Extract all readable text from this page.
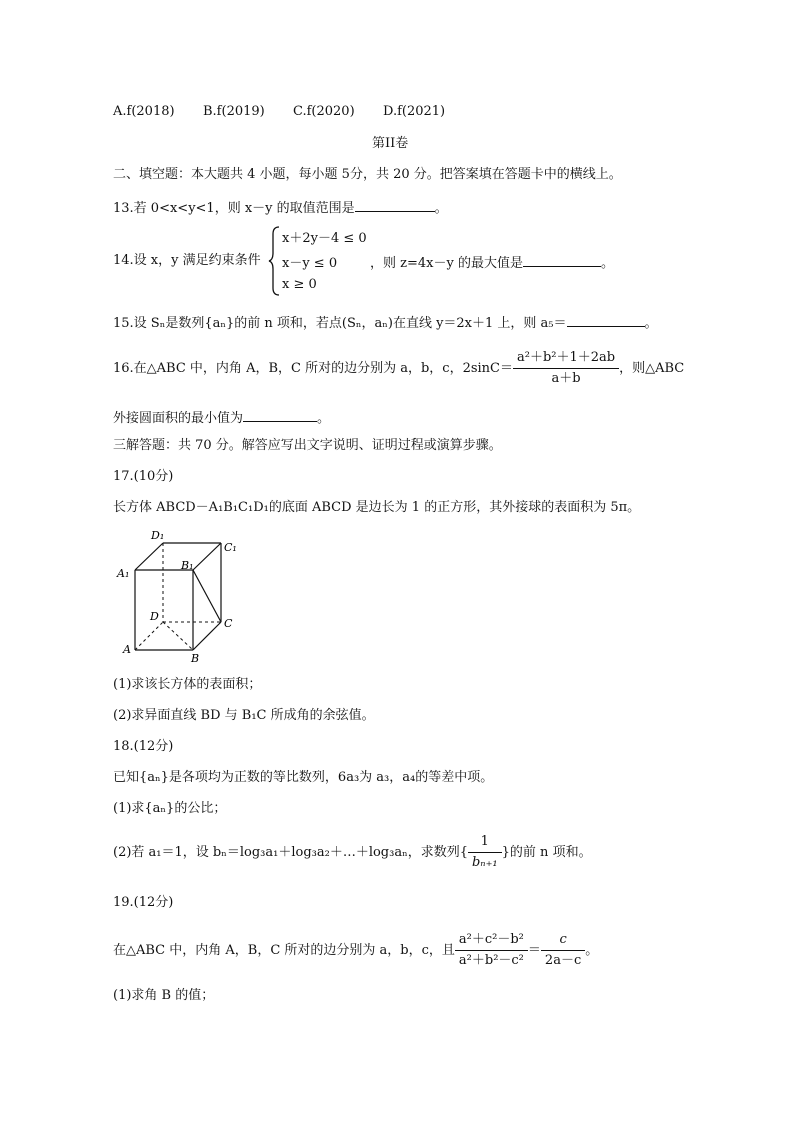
A.f(2018) B.f(2019) C.f(2020) D.f(2021)
第II卷
二、填空题：本大题共 4 小题，每小题 5分，共 20 分。把答案填在答题卡中的横线上。
13.若 0<x<y<1，则 x－y 的取值范围是	。
14.设 x，y 满足约束条件
x＋2y－4 ≤ 0
x－y ≤ 0
x ≥ 0
，则 z=4x－y 的最大值是	。
15.设 Sₙ是数列{aₙ}的前 n 项和，若点(Sₙ，aₙ)在直线 y＝2x＋1 上，则 a₅＝	。
16.在△ABC 中，内角 A，B，C 所对的边分别为 a，b，c，$2\sin C= \frac{\text{a²＋b²＋1＋2ab}}{a+b}$ ，则△ABC
外接圆面积的最小值为	。
三解答题：共 70 分。解答应写出文字说明、证明过程或演算步骤。
17.(10分)
长方体 ABCD－A₁B₁C₁D₁的底面 ABCD 是边长为 1 的正方形，其外接球的表面积为 5π。
D₁
C₁
A₁
B₁
D
C
A
B
(1)求该长方体的表面积；
(2)求异面直线 BD 与 B₁C 所成角的余弦值。
18.(12分)
已知{aₙ}是各项均为正数的等比数列，6a₃为 a₃，a₄的等差中项。
(1)求{aₙ}的公比；
(2)若 a₁＝1，设 bₙ＝log₃a₁＋log₃a₂＋…＋log₃aₙ，求数列{ $\frac{1}{\text{bₙ₊₁}}$ }的前 n 项和。
19.(12分)
在△ABC 中，内角 A，B，C 所对的边分别为 a，b，c，且 $\frac{\text{a²＋c²－b²}}{\text{a²＋b²－c²}} = \frac{c}{2a-c}$ 。
(1)求角 B 的值；
